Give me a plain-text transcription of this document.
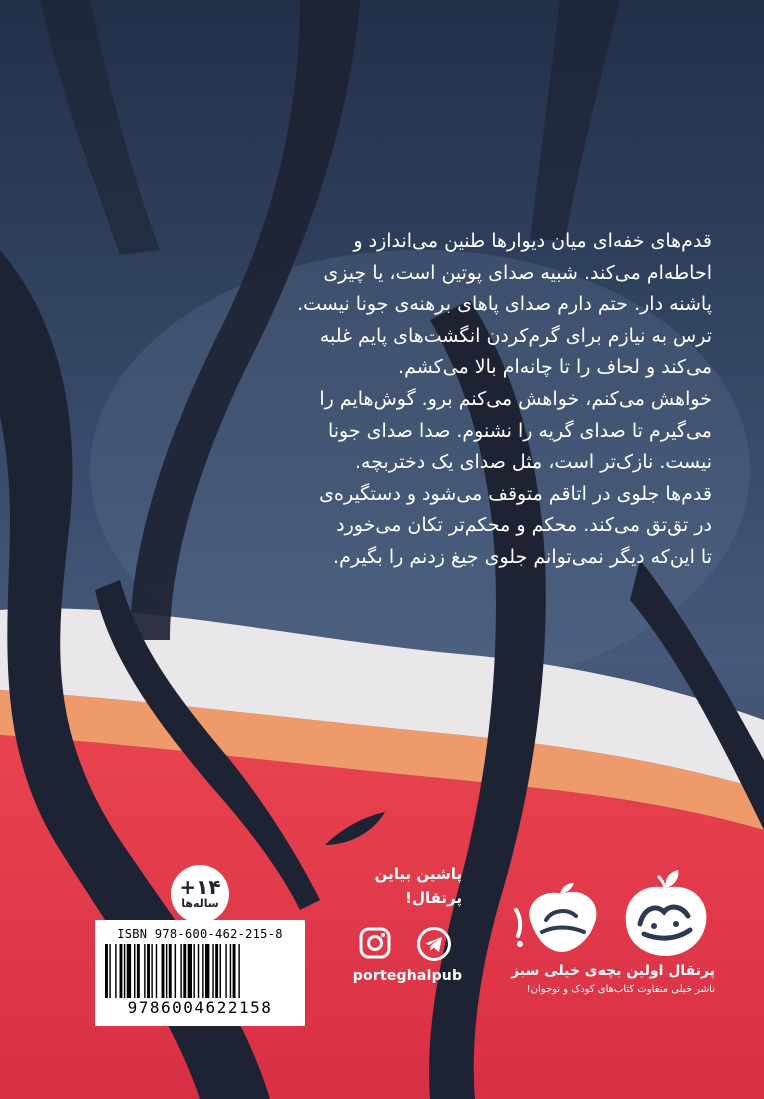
قدم‌های خفه‌ای میان دیوارها طنین می‌اندازد و

احاطه‌ام می‌کند. شبیه صدای پوتین است، یا چیزی

پاشنه دار. حتم دارم صدای پاهای برهنه‌ی جونا نیست.

ترس به نیازم برای گرم‌کردن انگشت‌های پایم غلبه

می‌کند و لحاف را تا چانه‌ام بالا می‌کشم.

خواهش می‌کنم، خواهش می‌کنم برو. گوش‌هایم را

می‌گیرم تا صدای گریه را نشنوم. صدا صدای جونا

نیست. نازک‌تر است، مثل صدای یک دختربچه.

قدم‌ها جلوی در اتاقم متوقف می‌شود و دستگیره‌ی

در تق‌تق می‌کند. محکم و محکم‌تر تکان می‌خورد

تا این‌که دیگر نمی‌توانم جلوی جیغ زدنم را بگیرم.

+۱۴
ساله‌ها
ISBN 978-600-462-215-8
9786004622158
پاشین بیاین
پرتقال!
porteghalpub	پرتقال اولین بچه‌ی خیلی سبز
ناشر خیلی متفاوت کتاب‌های کودک و نوجوان!
